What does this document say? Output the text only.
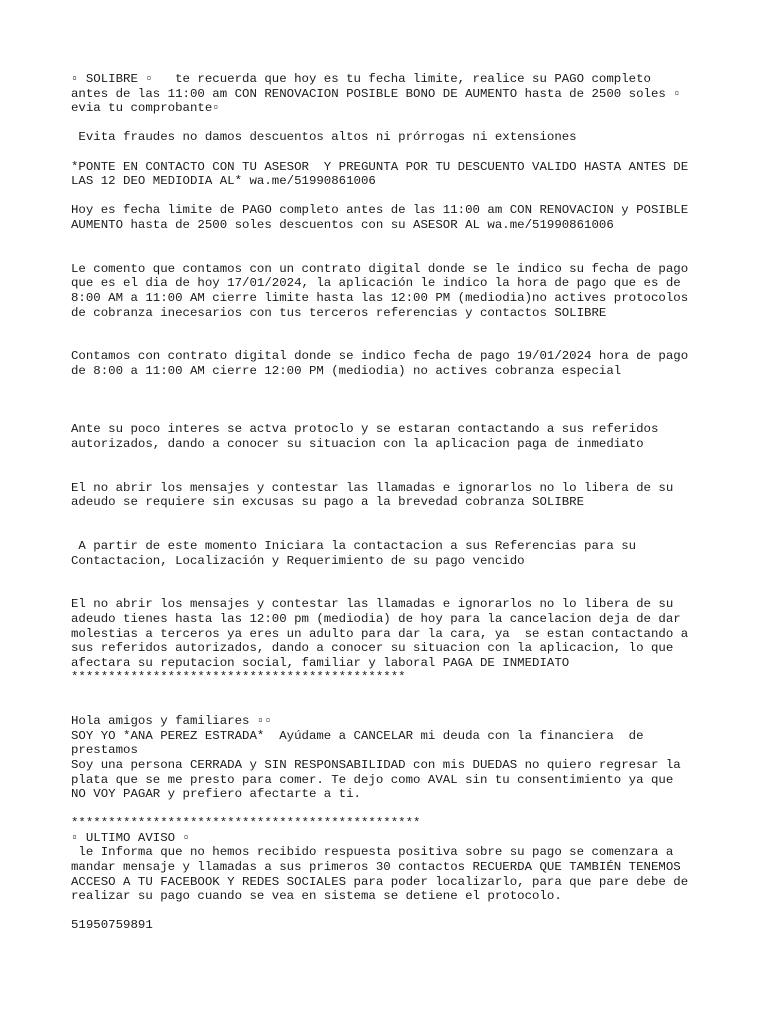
▫ SOLIBRE ▫   te recuerda que hoy es tu fecha limite, realice su PAGO completo
antes de las 11:00 am CON RENOVACION POSIBLE BONO DE AUMENTO hasta de 2500 soles ▫
evia tu comprobante▫

Evita fraudes no damos descuentos altos ni prórrogas ni extensiones

*PONTE EN CONTACTO CON TU ASESOR  Y PREGUNTA POR TU DESCUENTO VALIDO HASTA ANTES DE
LAS 12 DEO MEDIODIA AL* wa.me/51990861006

Hoy es fecha limite de PAGO completo antes de las 11:00 am CON RENOVACION y POSIBLE
AUMENTO hasta de 2500 soles descuentos con su ASESOR AL wa.me/51990861006

Le comento que contamos con un contrato digital donde se le indico su fecha de pago
que es el dia de hoy 17/01/2024, la aplicación le indico la hora de pago que es de
8:00 AM a 11:00 AM cierre limite hasta las 12:00 PM (mediodia)no actives protocolos
de cobranza inecesarios con tus terceros referencias y contactos SOLIBRE

Contamos con contrato digital donde se indico fecha de pago 19/01/2024 hora de pago
de 8:00 a 11:00 AM cierre 12:00 PM (mediodia) no actives cobranza especial

Ante su poco interes se actva protoclo y se estaran contactando a sus referidos
autorizados, dando a conocer su situacion con la aplicacion paga de inmediato

El no abrir los mensajes y contestar las llamadas e ignorarlos no lo libera de su
adeudo se requiere sin excusas su pago a la brevedad cobranza SOLIBRE

A partir de este momento Iniciara la contactacion a sus Referencias para su
Contactacion, Localización y Requerimiento de su pago vencido

El no abrir los mensajes y contestar las llamadas e ignorarlos no lo libera de su
adeudo tienes hasta las 12:00 pm (mediodia) de hoy para la cancelacion deja de dar
molestias a terceros ya eres un adulto para dar la cara, ya  se estan contactando a
sus referidos autorizados, dando a conocer su situacion con la aplicacion, lo que
afectara su reputacion social, familiar y laboral PAGA DE INMEDIATO
*********************************************

Hola amigos y familiares ▫▫
SOY YO *ANA PEREZ ESTRADA*  Ayúdame a CANCELAR mi deuda con la financiera  de
prestamos
Soy una persona CERRADA y SIN RESPONSABILIDAD con mis DUEDAS no quiero regresar la
plata que se me presto para comer. Te dejo como AVAL sin tu consentimiento ya que
NO VOY PAGAR y prefiero afectarte a ti.

***********************************************
▫ ULTIMO AVISO ▫
le Informa que no hemos recibido respuesta positiva sobre su pago se comenzara a
mandar mensaje y llamadas a sus primeros 30 contactos RECUERDA QUE TAMBIÉN TENEMOS
ACCESO A TU FACEBOOK Y REDES SOCIALES para poder localizarlo, para que pare debe de
realizar su pago cuando se vea en sistema se detiene el protocolo.

51950759891
